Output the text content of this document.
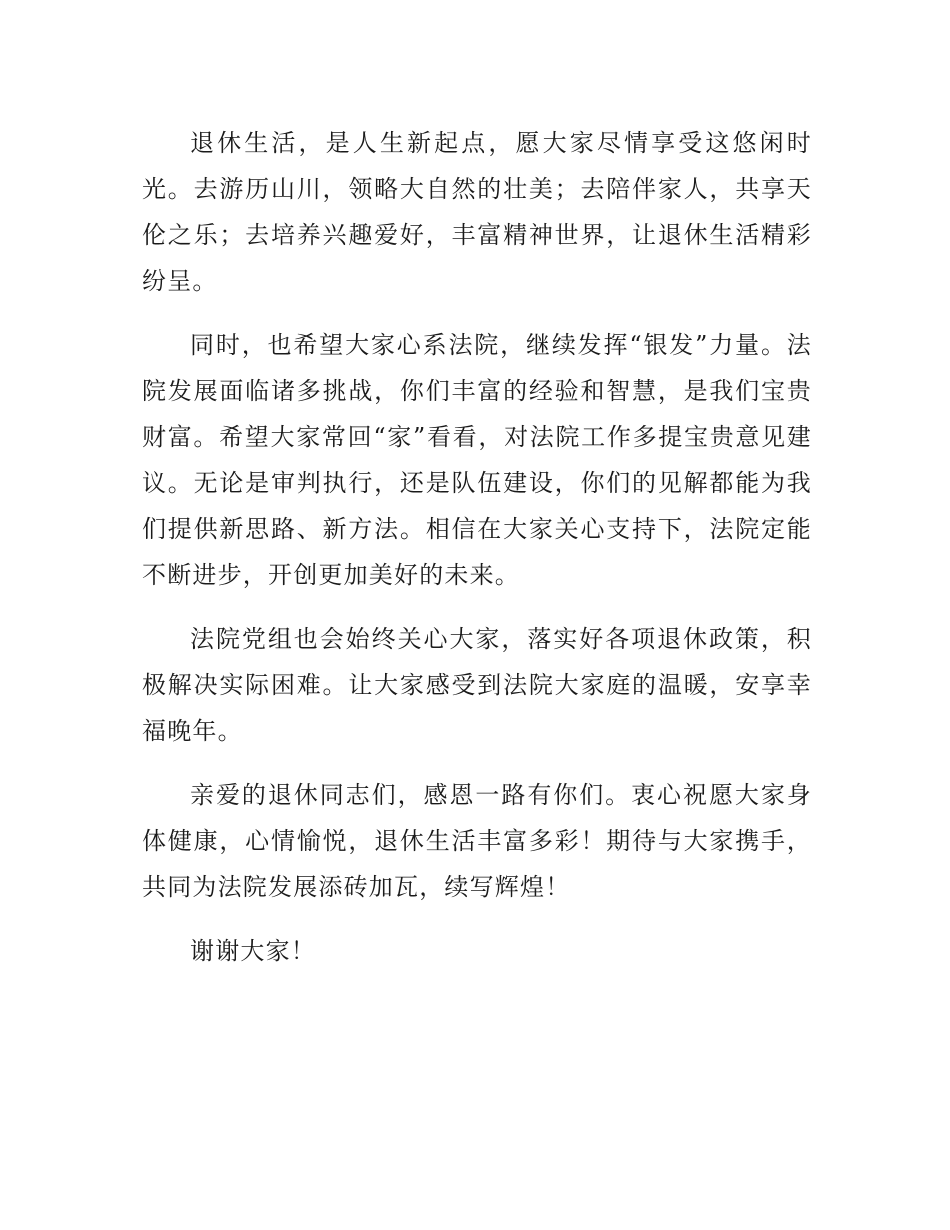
退休生活，是人生新起点，愿大家尽情享受这悠闲时光。去游历山川，领略大自然的壮美；去陪伴家人，共享天伦之乐；去培养兴趣爱好，丰富精神世界，让退休生活精彩纷呈。

同时，也希望大家心系法院，继续发挥“银发”力量。法院发展面临诸多挑战，你们丰富的经验和智慧，是我们宝贵财富。希望大家常回“家”看看，对法院工作多提宝贵意见建议。无论是审判执行，还是队伍建设，你们的见解都能为我们提供新思路、新方法。相信在大家关心支持下，法院定能不断进步，开创更加美好的未来。

法院党组也会始终关心大家，落实好各项退休政策，积极解决实际困难。让大家感受到法院大家庭的温暖，安享幸福晚年。

亲爱的退休同志们，感恩一路有你们。衷心祝愿大家身体健康，心情愉悦，退休生活丰富多彩！期待与大家携手，共同为法院发展添砖加瓦，续写辉煌！

谢谢大家！
